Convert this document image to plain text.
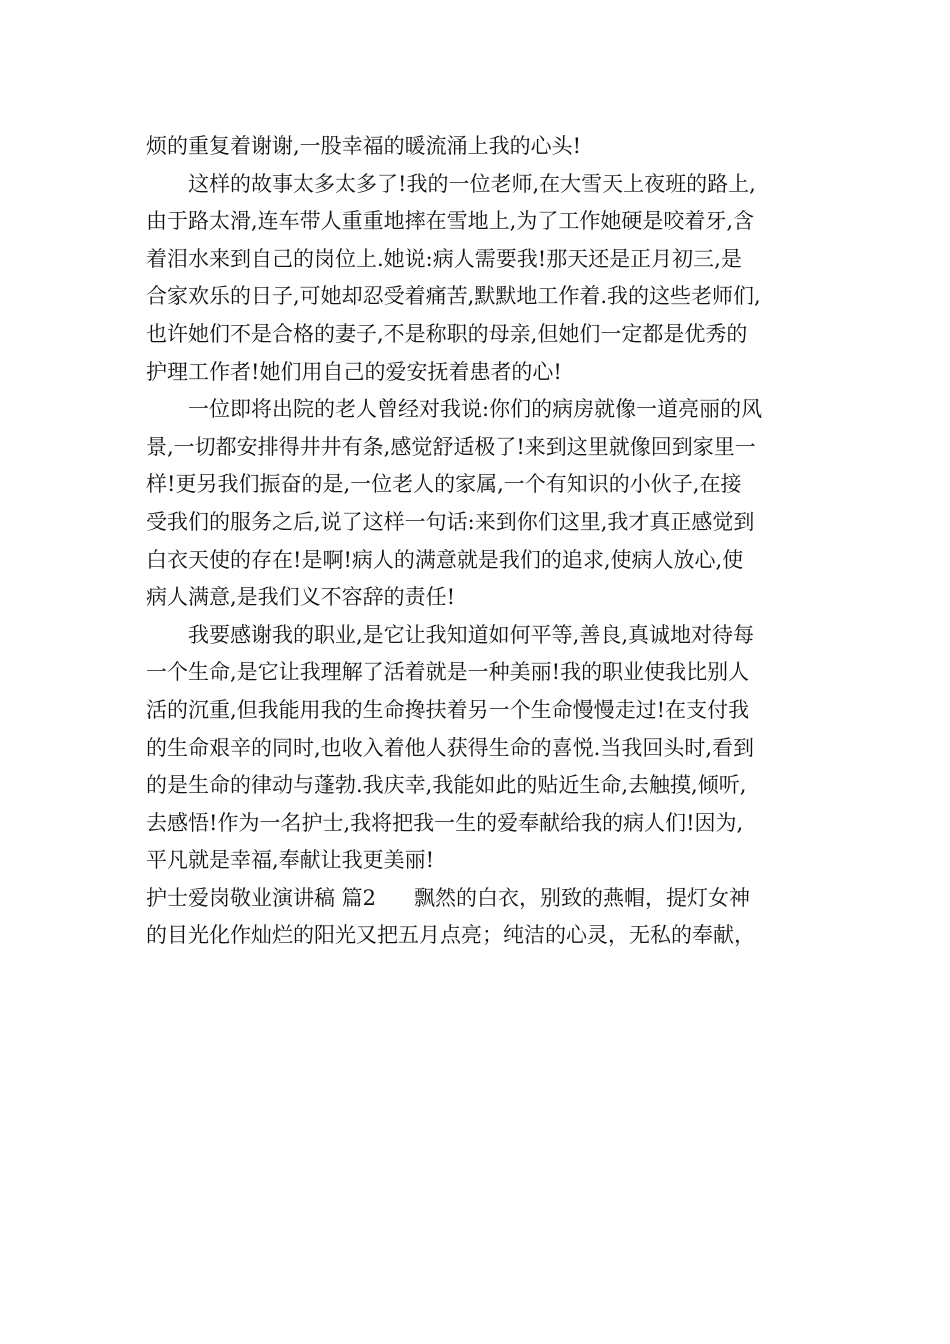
烦的重复着谢谢,一股幸福的暖流涌上我的心头!
这样的故事太多太多了!我的一位老师,在大雪天上夜班的路上,
由于路太滑,连车带人重重地摔在雪地上,为了工作她硬是咬着牙,含
着泪水来到自己的岗位上.她说:病人需要我!那天还是正月初三,是
合家欢乐的日子,可她却忍受着痛苦,默默地工作着.我的这些老师们,
也许她们不是合格的妻子,不是称职的母亲,但她们一定都是优秀的
护理工作者!她们用自己的爱安抚着患者的心!
一位即将出院的老人曾经对我说:你们的病房就像一道亮丽的风
景,一切都安排得井井有条,感觉舒适极了!来到这里就像回到家里一
样!更另我们振奋的是,一位老人的家属,一个有知识的小伙子,在接
受我们的服务之后,说了这样一句话:来到你们这里,我才真正感觉到
白衣天使的存在!是啊!病人的满意就是我们的追求,使病人放心,使
病人满意,是我们义不容辞的责任!
我要感谢我的职业,是它让我知道如何平等,善良,真诚地对待每
一个生命,是它让我理解了活着就是一种美丽!我的职业使我比别人
活的沉重,但我能用我的生命搀扶着另一个生命慢慢走过!在支付我
的生命艰辛的同时,也收入着他人获得生命的喜悦.当我回头时,看到
的是生命的律动与蓬勃.我庆幸,我能如此的贴近生命,去触摸,倾听,
去感悟!作为一名护士,我将把我一生的爱奉献给我的病人们!因为,
平凡就是幸福,奉献让我更美丽!
护士爱岗敬业演讲稿 篇2 飘然的白衣，别致的燕帽，提灯女神
的目光化作灿烂的阳光又把五月点亮；纯洁的心灵，无私的奉献，
